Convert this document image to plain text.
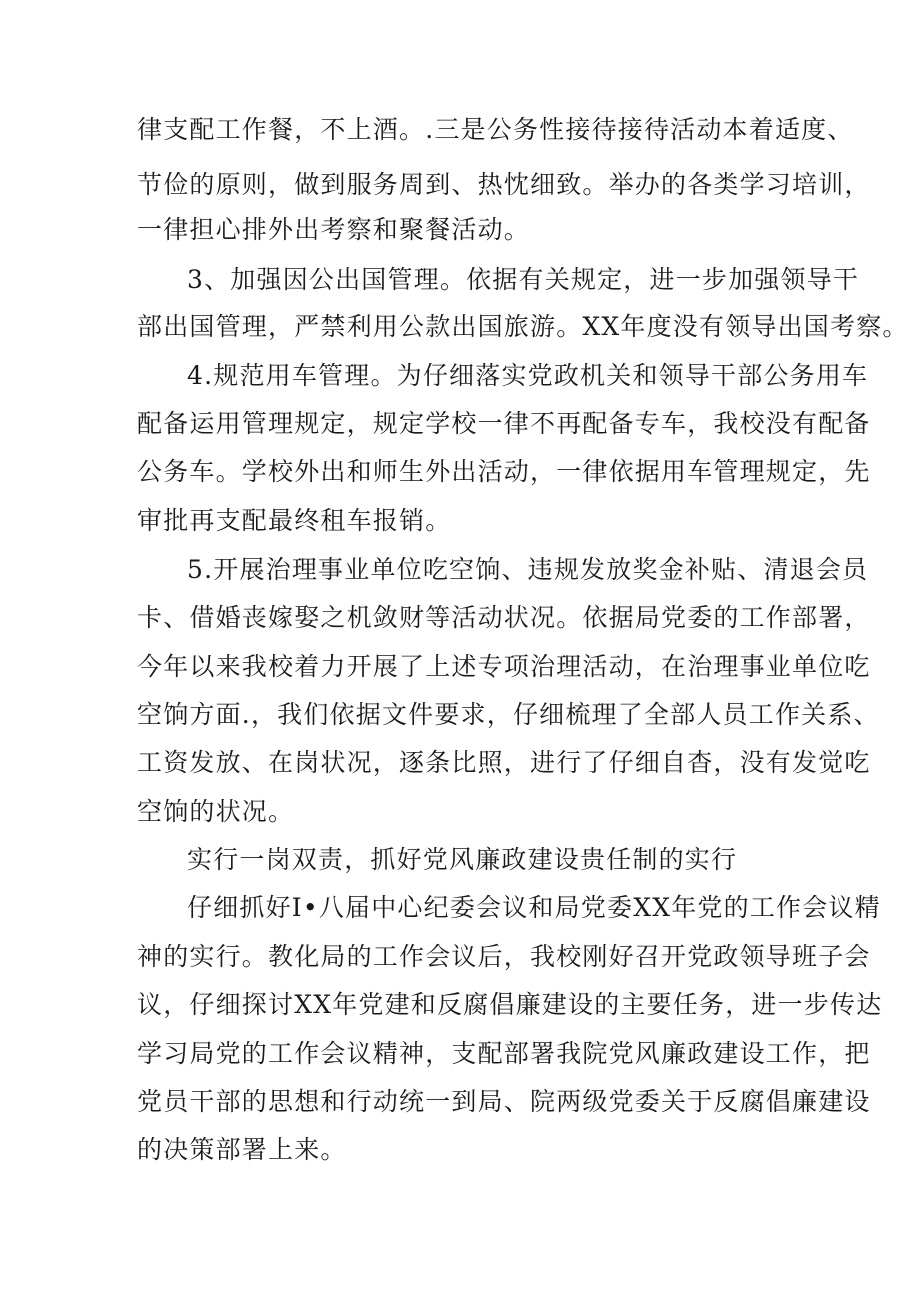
律支配工作餐，不上酒。.三是公务性接待接待活动本着适度、
节俭的原则，做到服务周到、热忱细致。举办的各类学习培训，
一律担心排外出考察和聚餐活动。
3、加强因公出国管理。依据有关规定，进一步加强领导干
部出国管理，严禁利用公款出国旅游。XX年度没有领导出国考察。
4.规范用车管理。为仔细落实党政机关和领导干部公务用车
配备运用管理规定，规定学校一律不再配备专车，我校没有配备
公务车。学校外出和师生外出活动，一律依据用车管理规定，先
审批再支配最终租车报销。
5.开展治理事业单位吃空饷、违规发放奖金补贴、清退会员
卡、借婚丧嫁娶之机敛财等活动状况。依据局党委的工作部署，
今年以来我校着力开展了上述专项治理活动，在治理事业单位吃
空饷方面.，我们依据文件要求，仔细梳理了全部人员工作关系、
工资发放、在岗状况，逐条比照，进行了仔细自杳，没有发觉吃
空饷的状况。
实行一岗双责，抓好党风廉政建设贵任制的实行
仔细抓好I•八届中心纪委会议和局党委XX年党的工作会议精
神的实行。教化局的工作会议后，我校刚好召开党政领导班子会
议，仔细探讨XX年党建和反腐倡廉建设的主要任务，进一步传达
学习局党的工作会议精神，支配部署我院党风廉政建设工作，把
党员干部的思想和行动统一到局、院两级党委关于反腐倡廉建设
的决策部署上来。
